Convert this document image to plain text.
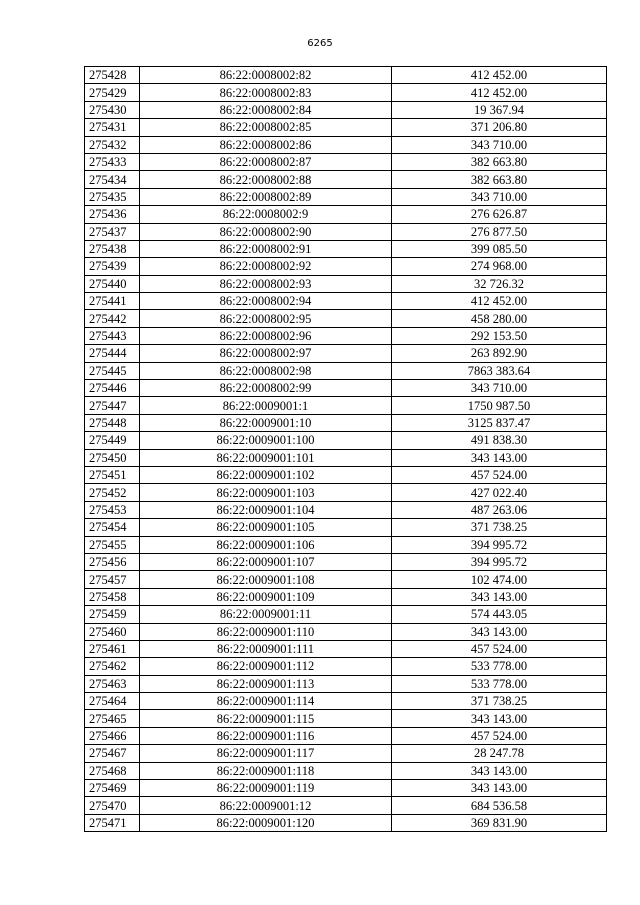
6265
275428	86:22:0008002:82	412 452.00
275429	86:22:0008002:83	412 452.00
275430	86:22:0008002:84	19 367.94
275431	86:22:0008002:85	371 206.80
275432	86:22:0008002:86	343 710.00
275433	86:22:0008002:87	382 663.80
275434	86:22:0008002:88	382 663.80
275435	86:22:0008002:89	343 710.00
275436	86:22:0008002:9	276 626.87
275437	86:22:0008002:90	276 877.50
275438	86:22:0008002:91	399 085.50
275439	86:22:0008002:92	274 968.00
275440	86:22:0008002:93	32 726.32
275441	86:22:0008002:94	412 452.00
275442	86:22:0008002:95	458 280.00
275443	86:22:0008002:96	292 153.50
275444	86:22:0008002:97	263 892.90
275445	86:22:0008002:98	7863 383.64
275446	86:22:0008002:99	343 710.00
275447	86:22:0009001:1	1750 987.50
275448	86:22:0009001:10	3125 837.47
275449	86:22:0009001:100	491 838.30
275450	86:22:0009001:101	343 143.00
275451	86:22:0009001:102	457 524.00
275452	86:22:0009001:103	427 022.40
275453	86:22:0009001:104	487 263.06
275454	86:22:0009001:105	371 738.25
275455	86:22:0009001:106	394 995.72
275456	86:22:0009001:107	394 995.72
275457	86:22:0009001:108	102 474.00
275458	86:22:0009001:109	343 143.00
275459	86:22:0009001:11	574 443.05
275460	86:22:0009001:110	343 143.00
275461	86:22:0009001:111	457 524.00
275462	86:22:0009001:112	533 778.00
275463	86:22:0009001:113	533 778.00
275464	86:22:0009001:114	371 738.25
275465	86:22:0009001:115	343 143.00
275466	86:22:0009001:116	457 524.00
275467	86:22:0009001:117	28 247.78
275468	86:22:0009001:118	343 143.00
275469	86:22:0009001:119	343 143.00
275470	86:22:0009001:12	684 536.58
275471	86:22:0009001:120	369 831.90
